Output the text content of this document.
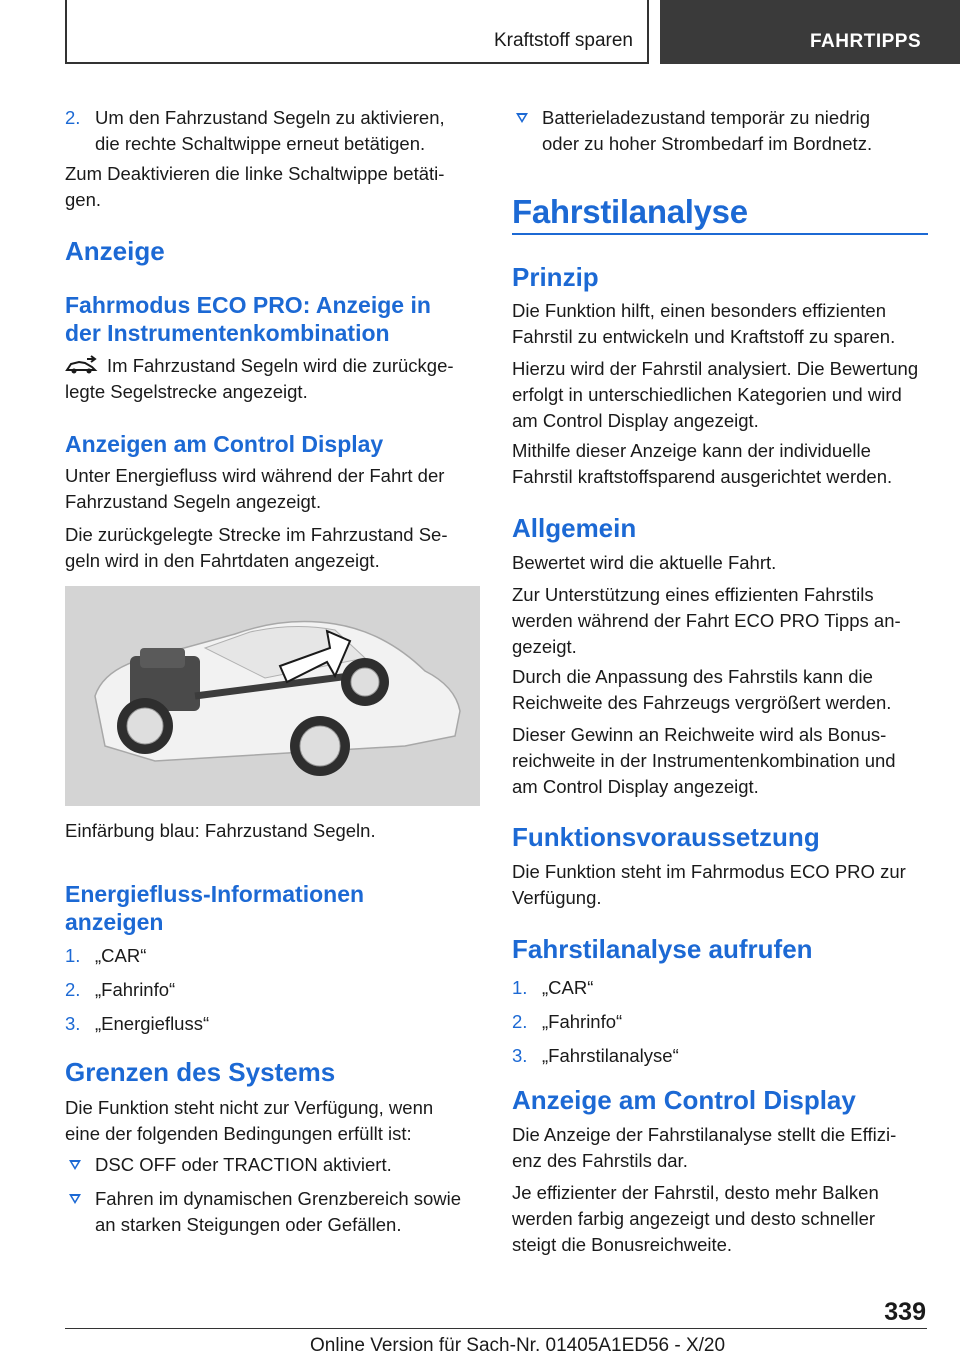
Kraftstoff sparen	FAHRTIPPS
2. Um den Fahrzustand Segeln zu aktivieren,
die rechte Schaltwippe erneut betätigen.

Zum Deaktivieren die linke Schaltwippe betäti‐

gen.

Anzeige
Fahrmodus ECO PRO: Anzeige in
der Instrumentenkombination

Im Fahrzustand Segeln wird die zurückge‐

legte Segelstrecke angezeigt.

Anzeigen am Control Display

Unter Energiefluss wird während der Fahrt der

Fahrzustand Segeln angezeigt.

Die zurückgelegte Strecke im Fahrzustand Se‐

geln wird in den Fahrtdaten angezeigt.

Einfärbung blau: Fahrzustand Segeln.

Energiefluss-Informationen
anzeigen
1. „CAR“
2. „Fahrinfo“
3. „Energiefluss“
Grenzen des Systems

Die Funktion steht nicht zur Verfügung, wenn

eine der folgenden Bedingungen erfüllt ist:

DSC OFF oder TRACTION aktiviert.
Fahren im dynamischen Grenzbereich sowie
an starken Steigungen oder Gefällen.
Batterieladezustand temporär zu niedrig
oder zu hoher Strombedarf im Bordnetz.
Fahrstilanalyse
Prinzip

Die Funktion hilft, einen besonders effizienten

Fahrstil zu entwickeln und Kraftstoff zu sparen.

Hierzu wird der Fahrstil analysiert. Die Bewertung

erfolgt in unterschiedlichen Kategorien und wird

am Control Display angezeigt.

Mithilfe dieser Anzeige kann der individuelle

Fahrstil kraftstoffsparend ausgerichtet werden.

Allgemein

Bewertet wird die aktuelle Fahrt.

Zur Unterstützung eines effizienten Fahrstils

werden während der Fahrt ECO PRO Tipps an‐

gezeigt.

Durch die Anpassung des Fahrstils kann die

Reichweite des Fahrzeugs vergrößert werden.

Dieser Gewinn an Reichweite wird als Bonus‐

reichweite in der Instrumentenkombination und

am Control Display angezeigt.

Funktionsvoraussetzung

Die Funktion steht im Fahrmodus ECO PRO zur

Verfügung.

Fahrstilanalyse aufrufen
1. „CAR“
2. „Fahrinfo“
3. „Fahrstilanalyse“
Anzeige am Control Display

Die Anzeige der Fahrstilanalyse stellt die Effizi‐

enz des Fahrstils dar.

Je effizienter der Fahrstil, desto mehr Balken

werden farbig angezeigt und desto schneller

steigt die Bonusreichweite.

339
Online Version für Sach-Nr. 01405A1ED56 - X/20
